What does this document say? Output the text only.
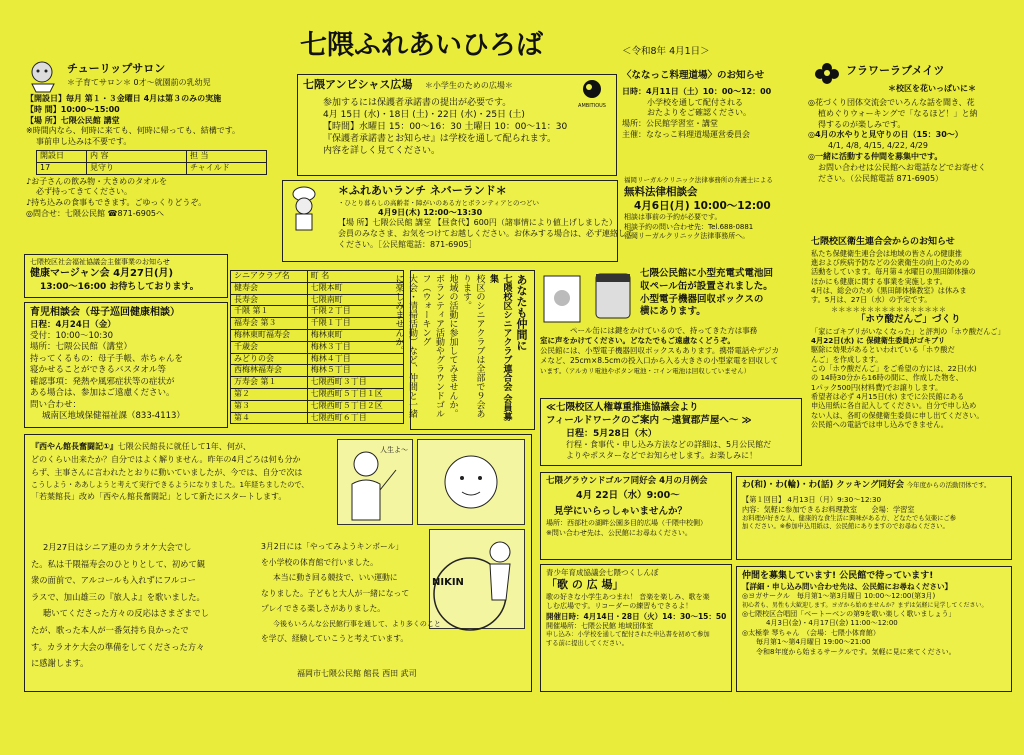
七隈ふれあいひろば	＜令和8年 4月1日＞
チューリップサロン
＊子育てサロン＊ 0才～就園前の乳幼児
【開設日】毎月 第１・３金曜日 4月は第３のみの実施
【時 間】10:00～15:00
【場 所】七隈公民館 講堂
※時間内なら、何時に来ても、何時に帰っても、結構です。
事前申し込みは不要です。
開設日	内 容	担 当
17	見守り	チャイルド
♪お子さんの飲み物・大きめのタオルを
必ず持ってきてください。
♪持ち込みの食事もできます。ごゆっくりどうぞ。
◎問合せ：七隈公民館 ☎871-6905へ
七隈アンビシャス広場 ＊小学生のための広場＊
AMBITIOUS
参加するには保護者承諾書の提出が必要です。
4月 15日 (水)・18日 (土)・22日 (水)・25日 (土)
【時間】水曜日 15：00～16：30 土曜日 10：00～11：30
『保護者承諾書とお知らせ』は学校を通して配られます。
内容を詳しく見てください。
＊ふれあいランチ ネバーランド＊
・ひとり暮らしの高齢者・障がいのある方とボランティアとのつどい
4月9日(木) 12:00～13:30
【場 所】七隈公民館 講堂 【昼食代】600円（諸事情により値上げしました）
会員のみなさま、お気をつけてお越しください。お休みする場合は、必ず連絡して
ください。［公民館電話：871-6905］
七隈校区社会福祉協議会主催事業のお知らせ
健康マージャン会 4月27日(月)
13:00～16:00 お待ちしております。
育児相談会（母子巡回健康相談）
日程：4月24日（金）
受付：10:00～10:30
場所：七隈公民館（講堂）
持ってくるもの：母子手帳、赤ちゃんを
寝かせることができるバスタオル等
確認事項：発熱や風邪症状等の症状が
ある場合は、参加はご遠慮ください。
問い合わせ：
城南区地域保健福祉課（833-4113）
シニアクラブ名	町 名
健寿会	七隈本町
長寿会	七隈南町
千隈 第１	千隈２丁目
福寿会 第３	千隈１丁目
梅林東町福寿会	梅林東町
千歳会	梅林３丁目
みどりの会	梅林４丁目
西梅林福寿会	梅林５丁目
万寿会 第１	七隈西町３丁目
第２	七隈西町５丁目１区
第３	七隈西町５丁目２区
第４	七隈西町６丁目
あなたも仲間に
七隈校区シニアクラブ連合会 会員募集
校区のシニアクラブは全部で９会あります。
地域の活動に参加してみませんか。
ボランティア活動やグラウンドゴルフ（ウォーキング
大会・清掃活動）など、仲間と一緒に楽しみませんか。
七隈公民館に小型充電式電池回
収ペール缶が設置されました。
小型電子機器回収ボックスの
横にあります。
ペール缶には鍵をかけているので、持ってきた方は事務
室に声をかけてください。どなたでもご遠慮なくどうぞ。
公民館には、小型電子機器回収ボックスもあります。携帯電話やデジカ
メなど、25cm×8.5cmの投入口から入る大きさの小型家電を回収して
います。（アルカリ電池やボタン電池・コイン電池は回収していません）
〈ななっこ料理道場〉のお知らせ
日時：4月11日（土）10：00～12：00
小学校を通して配付される
おたよりをご確認ください。
場所：公民館学習室・講堂
主催：ななっこ料理道場運営委員会
福岡リーガルクリニック法律事務所の弁護士による
無料法律相談会
4月6日(月) 10:00～12:00
相談は事前の予約が必要です。
相談予約の問い合わせ先：Tel.688-0881
福岡リーガルクリニック法律事務所へ。
フラワーラブメイツ
＊校区を花いっぱいに＊
◎花づくり団体交流会でいろんな話を聞き、花
植めぐりウォーキングで「なるほど！」と納
得するのが楽しみです。
◎4月の水やりと見守りの日（15：30～）
4/1, 4/8, 4/15, 4/22, 4/29
◎一緒に活動する仲間を募集中です。
お問い合わせは公民館へお電話などでお寄せく
ださい。（公民館電話 871-6905）
七隈校区衛生連合会からのお知らせ
私たち保健衛生連合会は地域の皆さんの健康推
進および疾病予防などの公衆衛生の向上のための
活動をしています。毎月第４水曜日の黒田師体操の
ほかにも健康に関する事業を実施します。
4月は、総会のため《黒田師体操教室》は休みま
す。5月は、27日（水）の予定です。
＊＊＊＊＊＊＊＊＊＊＊＊＊＊＊＊
「ホウ酸だんご」づくり
「家にゴキブリがいなくなった」と評判の「ホウ酸だんご」
4月22日(水) に 保健衛生委員がゴキブリ
駆除に効果があるといわれている「ホウ酸だ
んご」を作成します。
この「ホウ酸だんご」をご希望の方には、22日(水)
の 14時30分から16時の間に、作成した物を、
1パック500円(材料費)でお譲りします。
希望者は必ず 4月15日(水) までに公民館にある
申込用紙に各自記入してください。自分で申し込め
ない人は、各町の保健衛生委員に申し出てください。
公民館への電話では申し込みできません。
≪七隈校区人権尊重推進協議会より
フィールドワークのご案内 ～遠賀郡芦屋へ～ ≫
日程：5月28日（木）
行程・食事代・申し込み方法などの詳細は、5月公民館だ
よりやポスターなどでお知らせします。お楽しみに！
『西やん館長奮闘記①』七隈公民館長に就任して1年、何が、
どのくらい出来たか？自分ではよく解りません。昨年の4月ごろは何も分か
らず、主事さんに言われたとおりに動いていましたが、今では、自分で次は
こうしよう・ああしようと考えて実行できるようになりました。1年経ちましたので、
「若葉館長」改め「西やん館長奮闘記」として新たにスタートします。
人生よ〜
NIKIN
2月27日はシニア連のカラオケ大会でし
た。私は千隈福寿会のひとりとして、初めて観
衆の面前で、アルコールも入れずにフルコー
ラスで、加山雄三の『旅人よ』を歌いました。
聴いてくださった方々の反応はさまざまでし
たが、歌った本人が一番気持ち良かったで
す。カラオケ大会の準備をしてくださった方々
に感謝します。
3月2日には「やってみようキンボール」
を小学校の体育館で行いました。
本当に動き回る競技で、いい運動に
なりました。子どもと大人が一緒になって
プレイできる楽しさがありました。
今後もいろんな公民館行事を通して、より多くのこと
を学び、経験していこうと考えています。
福岡市七隈公民館 館長 西田 武司
七隈グラウンドゴルフ同好会 4月の月例会
4月 22日（水）9:00～
見学にいらっしゃいませんか？
場所：西部杜の湖畔公園多目的広場（千隈中校側）
※問い合わせ先は、公民館にお尋ねください。
青少年育成協議会七隈つくしんぼ
「歌 の 広 場」
歌の好きな小学生あつまれ！ 音楽を楽しみ、歌を楽
しむ広場です。リコーダーの練習もできるよ！
開催日時：4月14日・28日（火）14：30～15：50
開催場所：七隈公民館 地域団体室
申し込み：小学校を通して配付された申込書を初めて参加
する前に提出してください。
わ(和)・わ(輪)・わ(話) クッキング同好会 今年度からの活動団体です。
【第１回目】 4月13日（月）9:30～12:30
内容：気軽に参加できるお料理教室　　会場：学習室
お料理が好きな人、健康的な食生活に興味がある方、どなたでも気楽にご参
加ください。※参加申込用紙は、公民館にありますのでお尋ねください。
仲間を募集しています! 公民館で待っています!
【詳細・申し込み問い合わせ先は、公民館にお尋ねください】
◎ヨガサークル　毎月第1～第3月曜日 10:00～12:00(第3月)
初心者も、男性も大歓迎します。ヨガから始めませんか？まずは気軽に見学してください。
◎七隈校区合唱団「ベートーベンの第9を歌い楽しく歌いましょう」
4月3日(金)・4月17日(金) 11:00～12:00
◎太極拳 琴ちゃん　（会場：七隈小体育館）
毎月第1～第4月曜日 19:00～21:00
令和8年度から始まるサークルです。気軽に見に来てください。
